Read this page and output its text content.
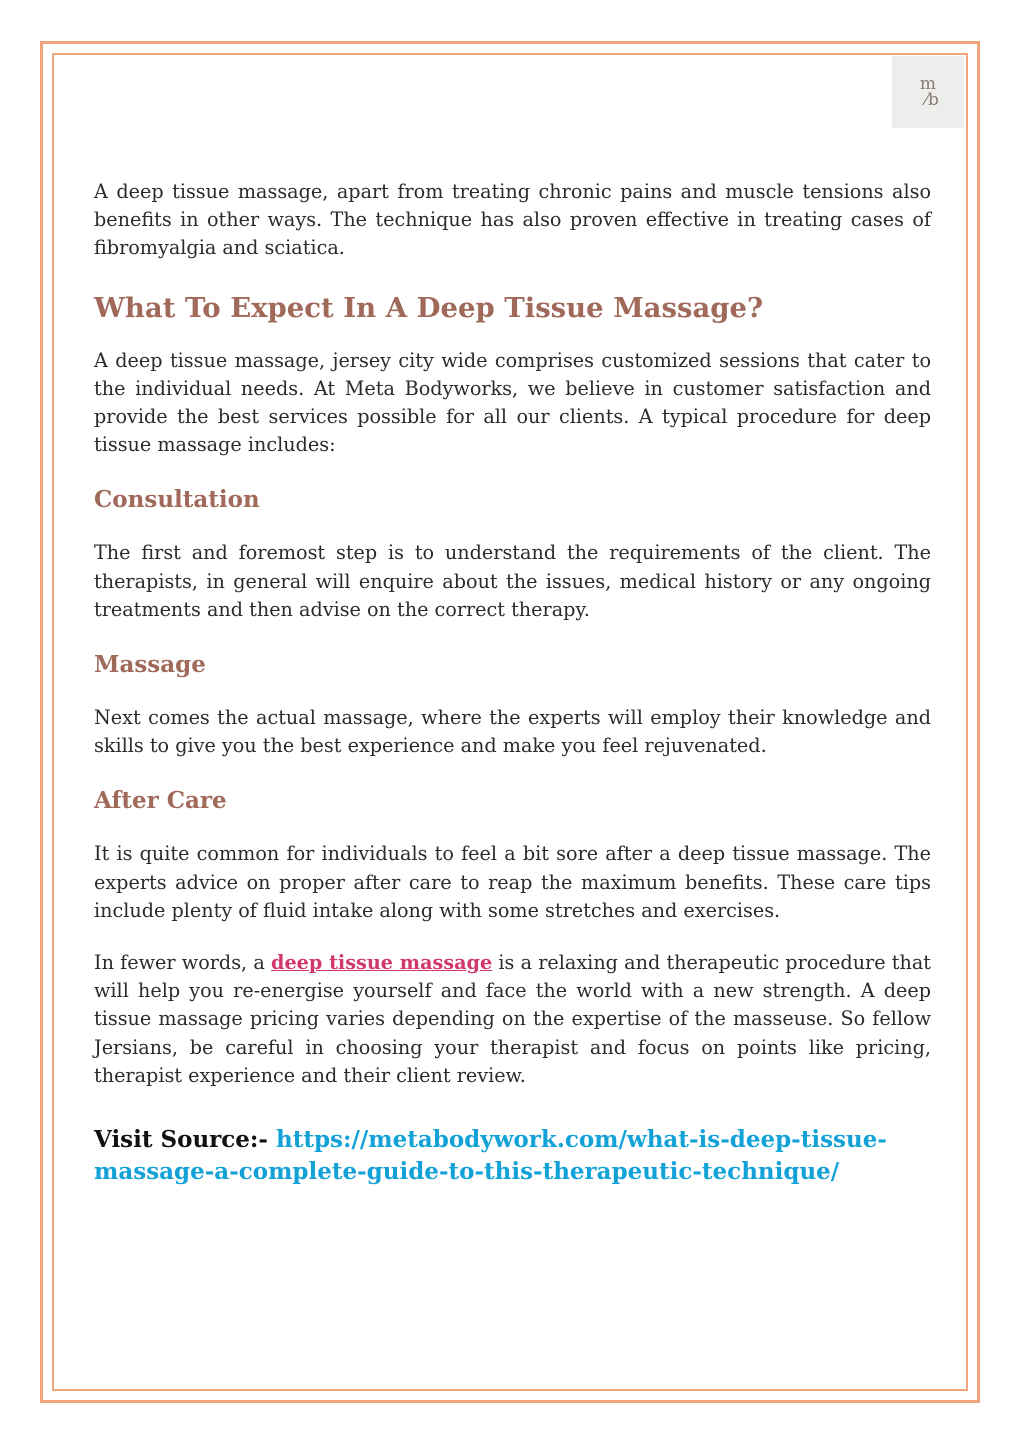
m
⁄b

A deep tissue massage, apart from treating chronic pains and muscle tensions also benefits in other ways. The technique has also proven effective in treating cases of fibromyalgia and sciatica.

What To Expect In A Deep Tissue Massage?

A deep tissue massage, jersey city wide comprises customized sessions that cater to the individual needs. At Meta Bodyworks, we believe in customer satisfaction and provide the best services possible for all our clients. A typical procedure for deep tissue massage includes:

Consultation

The first and foremost step is to understand the requirements of the client. The therapists, in general will enquire about the issues, medical history or any ongoing treatments and then advise on the correct therapy.

Massage

Next comes the actual massage, where the experts will employ their knowledge and skills to give you the best experience and make you feel rejuvenated.

After Care

It is quite common for individuals to feel a bit sore after a deep tissue massage. The experts advice on proper after care to reap the maximum benefits. These care tips include plenty of fluid intake along with some stretches and exercises.

In fewer words, a deep tissue massage is a relaxing and therapeutic procedure that will help you re-energise yourself and face the world with a new strength. A deep tissue massage pricing varies depending on the expertise of the masseuse. So fellow Jersians, be careful in choosing your therapist and focus on points like pricing, therapist experience and their client review.

Visit Source:- https://metabodywork.com/what-is-deep-tissue-massage-a-complete-guide-to-this-therapeutic-technique/
